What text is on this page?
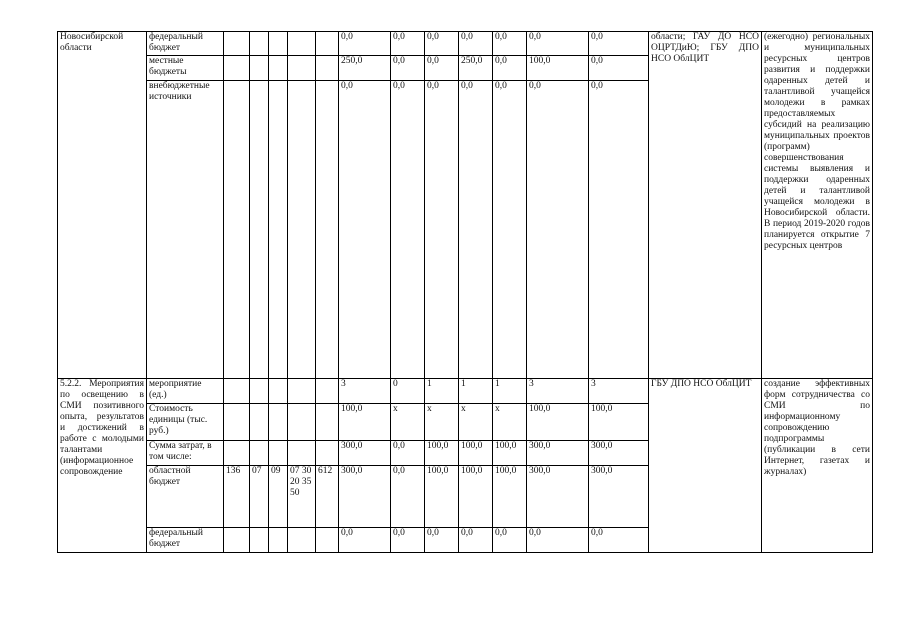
Новосибирской области	федеральный бюджет						0,0	0,0	0,0	0,0	0,0	0,0	0,0	области; ГАУ ДО НСО ОЦРТДиЮ; ГБУ ДПО НСО ОблЦИТ	(ежегодно) региональных и муниципальных ресурсных центров развития и поддержки одаренных детей и талантливой учащейся молодежи в рамках предоставляемых субсидий на реализацию муниципальных проектов (программ) совершенствования системы выявления и поддержки одаренных детей и талантливой учащейся молодежи в Новосибирской области. В период 2019-2020 годов планируется открытие 7 ресурсных центров
	местные бюджеты						250,0	0,0	0,0	250,0	0,0	100,0	0,0		
	внебюджетные источники						0,0	0,0	0,0	0,0	0,0	0,0	0,0		
5.2.2. Мероприятия по освещению в СМИ позитивного опыта, результатов и достижений в работе с молодыми талантами (информационное сопровождение	мероприятие (ед.)						3	0	1	1	1	3	3	ГБУ ДПО НСО ОблЦИТ	создание эффективных форм сотрудничества со СМИ по информационному сопровождению подпрограммы (публикации в сети Интернет, газетах и журналах)
	Стоимость единицы (тыс. руб.)						100,0	x	x	x	x	100,0	100,0		
	Сумма затрат, в том числе:						300,0	0,0	100,0	100,0	100,0	300,0	300,0		
	областной бюджет	136	07	09	07 30 20 35 50	612	300,0	0,0	100,0	100,0	100,0	300,0	300,0		
	федеральный бюджет						0,0	0,0	0,0	0,0	0,0	0,0	0,0		
